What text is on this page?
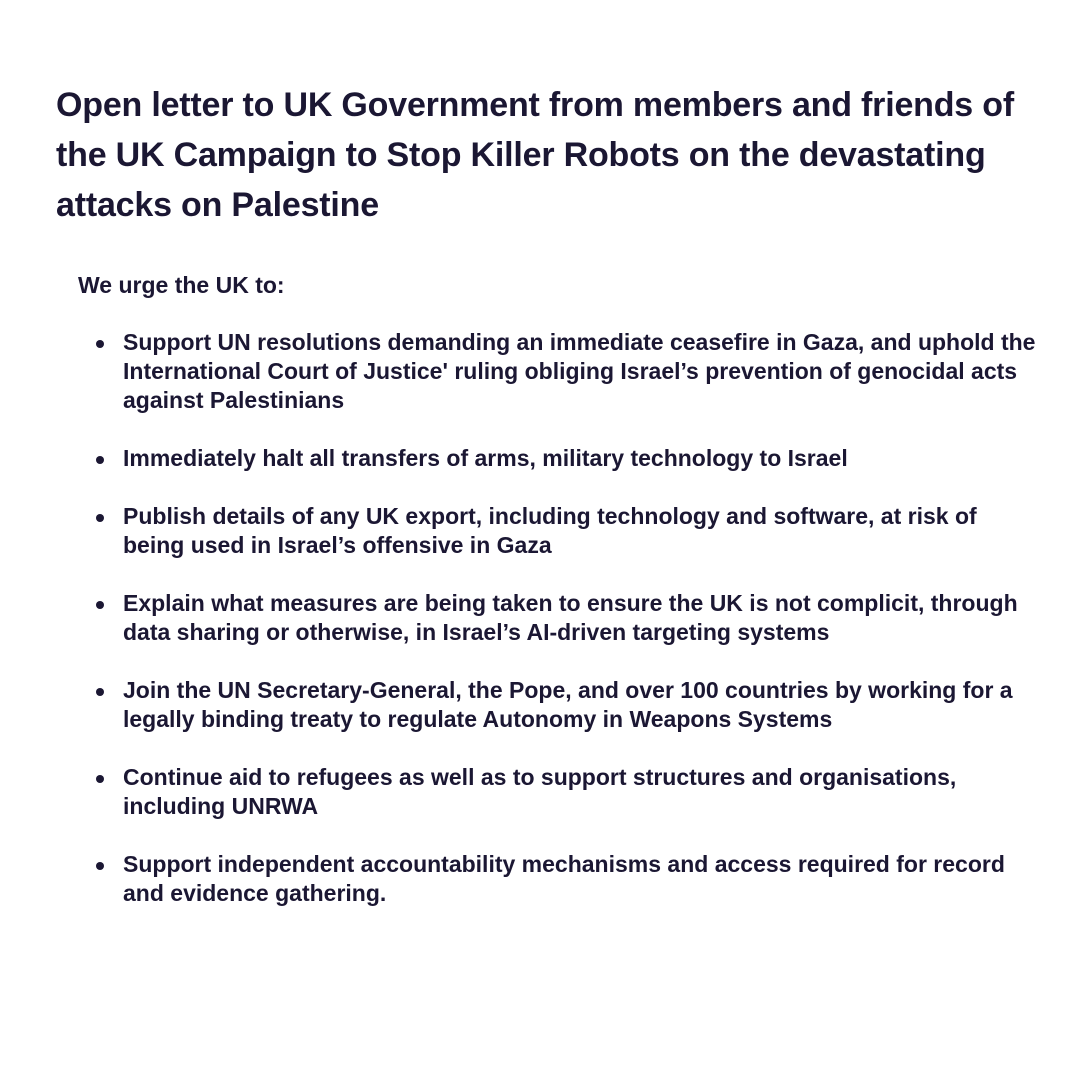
Open letter to UK Government from members and friends of the UK Campaign to Stop Killer Robots on the devastating attacks on Palestine

We urge the UK to:

Support UN resolutions demanding an immediate ceasefire in Gaza, and uphold the International Court of Justice' ruling obliging Israel’s prevention of genocidal acts against Palestinians
Immediately halt all transfers of arms, military technology to Israel
Publish details of any UK export, including technology and software, at risk of being used in Israel’s offensive in Gaza
Explain what measures are being taken to ensure the UK is not complicit, through data sharing or otherwise, in Israel’s AI-driven targeting systems
Join the UN Secretary-General, the Pope, and over 100 countries by working for a legally binding treaty to regulate Autonomy in Weapons Systems
Continue aid to refugees as well as to support structures and organisations, including UNRWA
Support independent accountability mechanisms and access required for record and evidence gathering.
